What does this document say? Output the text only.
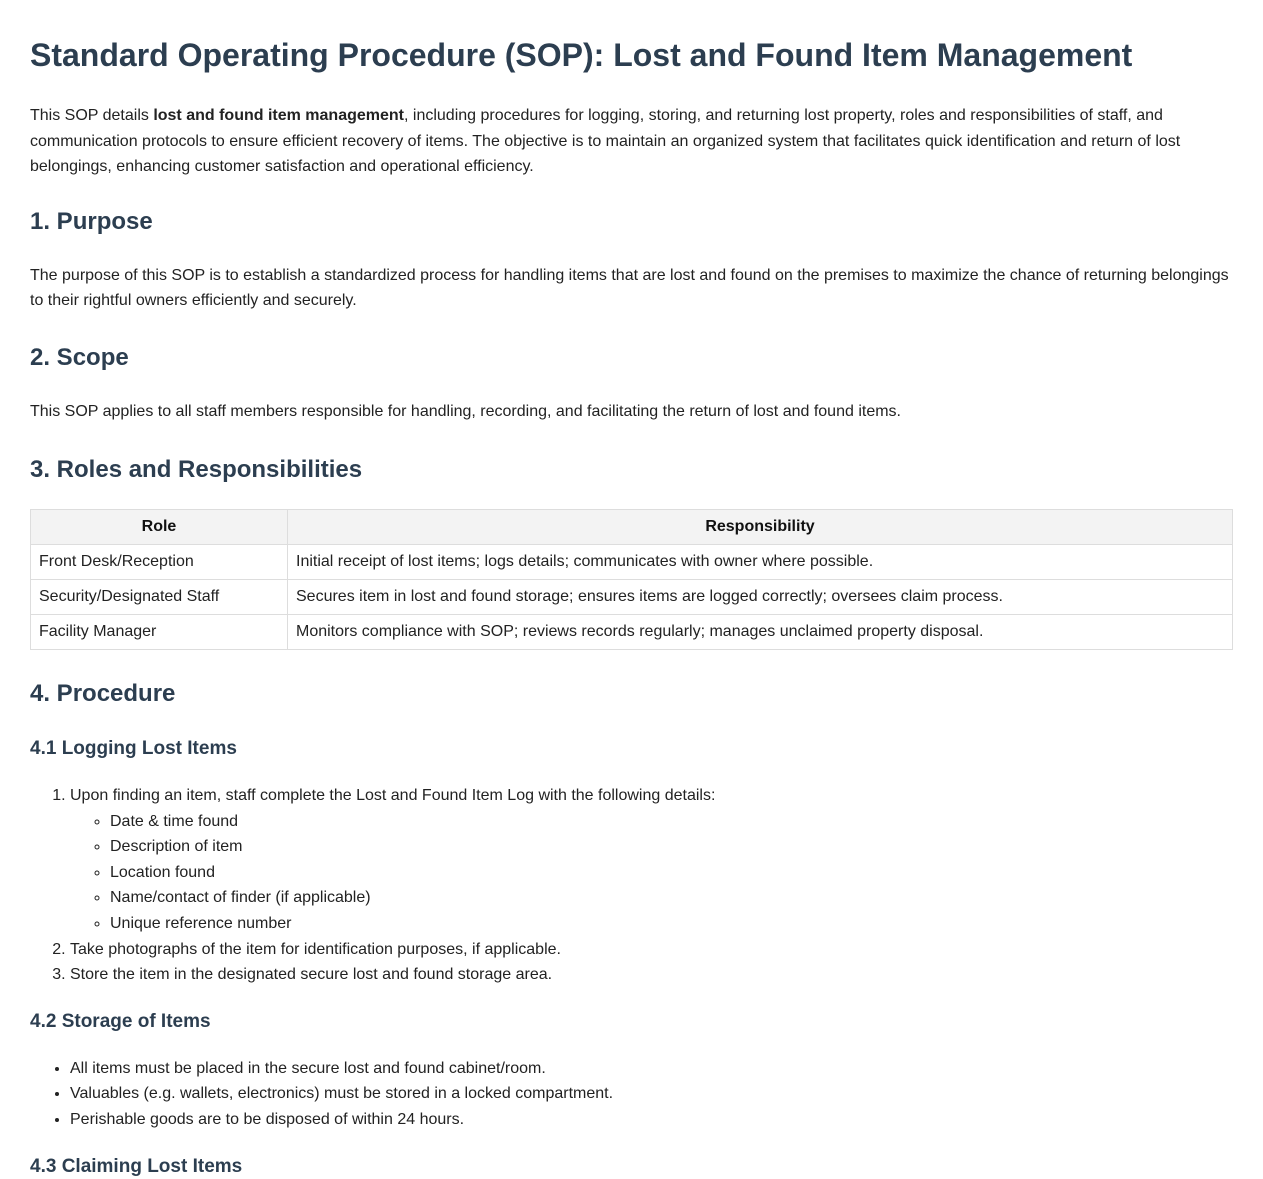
Standard Operating Procedure (SOP): Lost and Found Item Management

This SOP details lost and found item management, including procedures for logging, storing, and returning lost property, roles and responsibilities of staff, and communication protocols to ensure efficient recovery of items. The objective is to maintain an organized system that facilitates quick identification and return of lost belongings, enhancing customer satisfaction and operational efficiency.

1. Purpose

The purpose of this SOP is to establish a standardized process for handling items that are lost and found on the premises to maximize the chance of returning belongings to their rightful owners efficiently and securely.

2. Scope

This SOP applies to all staff members responsible for handling, recording, and facilitating the return of lost and found items.

3. Roles and Responsibilities
Role	Responsibility
Front Desk/Reception	Initial receipt of lost items; logs details; communicates with owner where possible.
Security/Designated Staff	Secures item in lost and found storage; ensures items are logged correctly; oversees claim process.
Facility Manager	Monitors compliance with SOP; reviews records regularly; manages unclaimed property disposal.
4. Procedure
4.1 Logging Lost Items
1. Upon finding an item, staff complete the Lost and Found Item Log with the following details:
◦ Date & time found
◦ Description of item
◦ Location found
◦ Name/contact of finder (if applicable)
◦ Unique reference number
2. Take photographs of the item for identification purposes, if applicable.
3. Store the item in the designated secure lost and found storage area.
4.2 Storage of Items
• All items must be placed in the secure lost and found cabinet/room.
• Valuables (e.g. wallets, electronics) must be stored in a locked compartment.
• Perishable goods are to be disposed of within 24 hours.
4.3 Claiming Lost Items
